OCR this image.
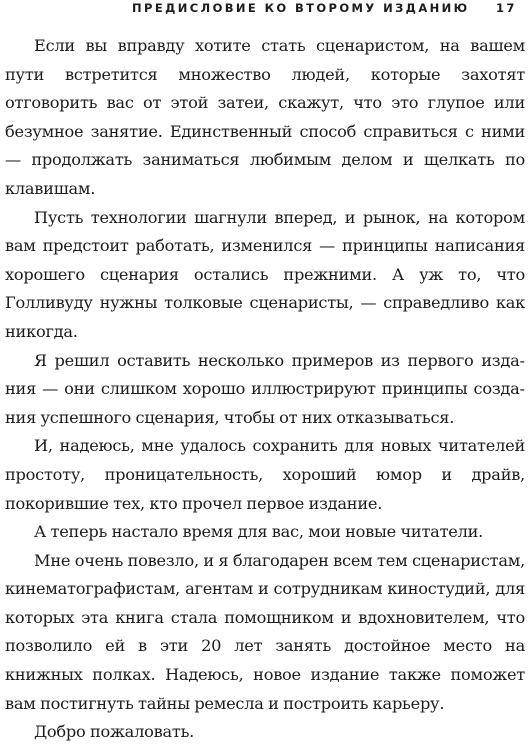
ПРЕДИСЛОВИЕ КО ВТОРОМУ ИЗДАНИЮ 17

Если вы вправду хотите стать сценаристом, на вашем пути встретится множество людей, которые захотят отговорить вас от этой затеи, скажут, что это глупое или безумное занятие. Единственный способ справиться с ними — продолжать заниматься любимым делом и щелкать по клавишам.

Пусть технологии шагнули вперед, и рынок, на котором вам предстоит работать, изменился — принципы написания хорошего сценария остались прежними. А уж то, что Голливуду нужны толковые сценаристы, — справедливо как никогда.

Я решил оставить несколько примеров из первого издания — они слишком хорошо иллюстрируют принципы создания успешного сценария, чтобы от них отказываться.

И, надеюсь, мне удалось сохранить для новых читателей простоту, проницательность, хороший юмор и драйв, покорившие тех, кто прочел первое издание.

А теперь настало время для вас, мои новые читатели.

Мне очень повезло, и я благодарен всем тем сценаристам, кинематографистам, агентам и сотрудникам киностудий, для которых эта книга стала помощником и вдохновителем, что позволило ей в эти 20 лет занять достойное место на книжных полках. Надеюсь, новое издание также поможет вам постигнуть тайны ремесла и построить карьеру.

Добро пожаловать.
